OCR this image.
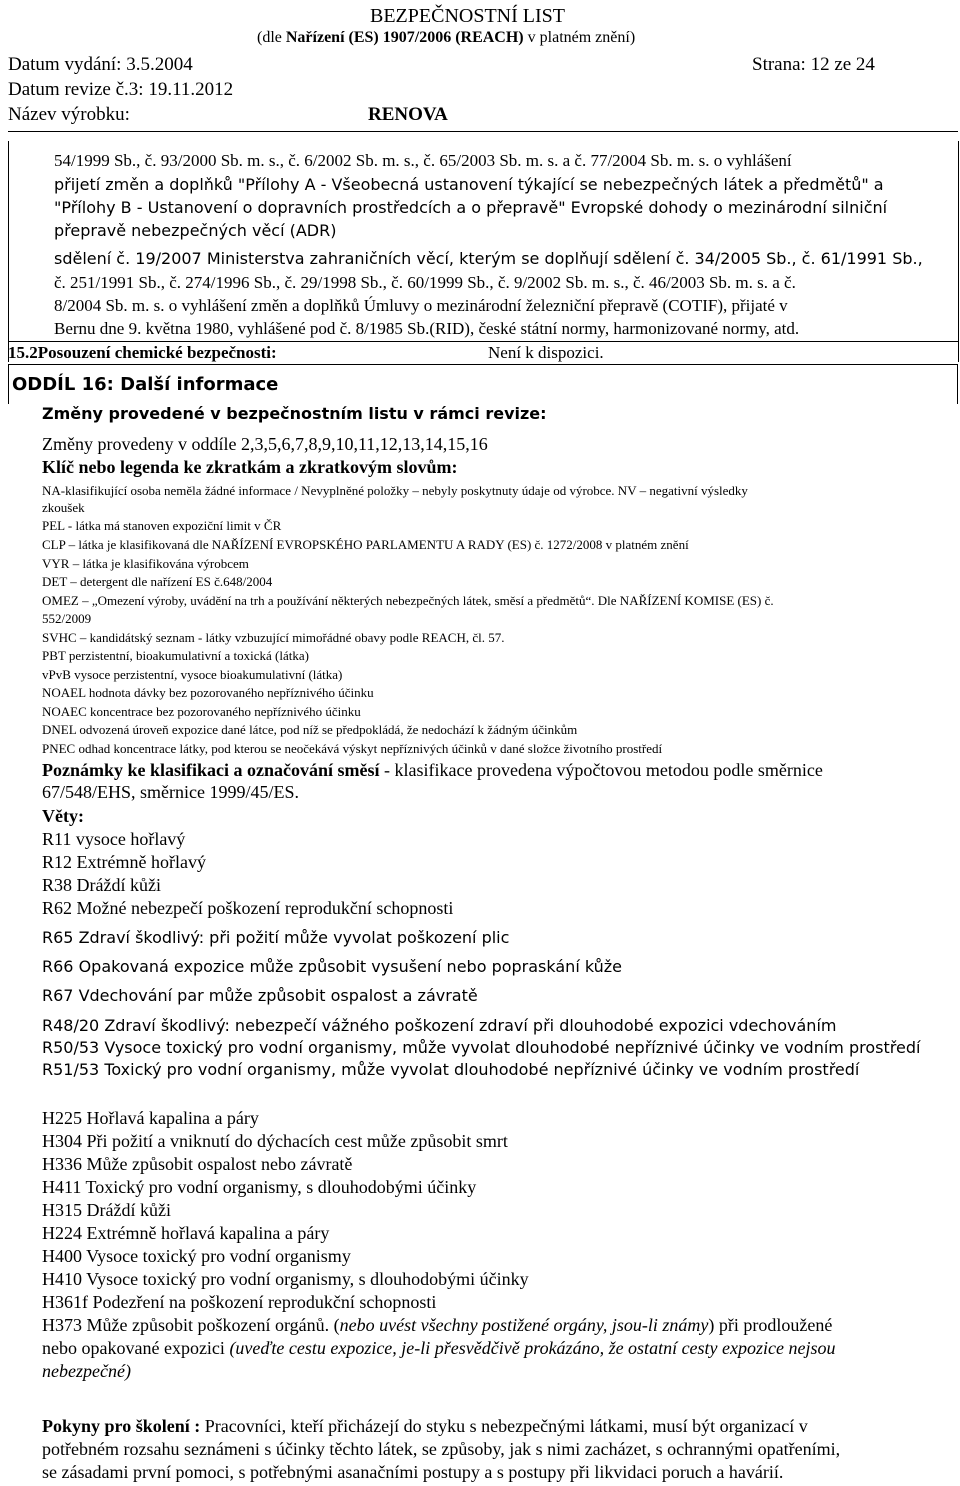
BEZPEČNOSTNÍ LIST
(dle Nařízení (ES) 1907/2006 (REACH) v platném znění)
Datum vydání: 3.5.2004	Strana: 12 ze 24
Datum revize č.3: 19.11.2012
Název výrobku:	RENOVA
54/1999 Sb., č. 93/2000 Sb. m. s., č. 6/2002 Sb. m. s., č. 65/2003 Sb. m. s. a č. 77/2004 Sb. m. s. o vyhlášení
přijetí změn a doplňků "Přílohy A - Všeobecná ustanovení týkající se nebezpečných látek a předmětů" a
"Přílohy B - Ustanovení o dopravních prostředcích a o přepravě" Evropské dohody o mezinárodní silniční
přepravě nebezpečných věcí (ADR)
sdělení č. 19/2007 Ministerstva zahraničních věcí, kterým se doplňují sdělení č. 34/2005 Sb., č. 61/1991 Sb.,
č. 251/1991 Sb., č. 274/1996 Sb., č. 29/1998 Sb., č. 60/1999 Sb., č. 9/2002 Sb. m. s., č. 46/2003 Sb. m. s. a č.
8/2004 Sb. m. s. o vyhlášení změn a doplňků Úmluvy o mezinárodní železniční přepravě (COTIF), přijaté v
Bernu dne 9. května 1980, vyhlášené pod č. 8/1985 Sb.(RID), české státní normy, harmonizované normy, atd.
15.2Posouzení chemické bezpečnosti:	Není k dispozici.
ODDÍL 16: Další informace
Změny provedené v bezpečnostním listu v rámci revize:
Změny provedeny v oddíle 2,3,5,6,7,8,9,10,11,12,13,14,15,16
Klíč nebo legenda ke zkratkám a zkratkovým slovům:
NA-klasifikující osoba neměla žádné informace / Nevyplněné položky – nebyly poskytnuty údaje od výrobce. NV – negativní výsledky
zkoušek
PEL - látka má stanoven expoziční limit v ČR
CLP – látka je klasifikovaná dle NAŘÍZENÍ EVROPSKÉHO PARLAMENTU A RADY (ES) č. 1272/2008 v platném znění
VYR – látka je klasifikována výrobcem
DET – detergent dle nařízení ES č.648/2004
OMEZ – „Omezení výroby, uvádění na trh a používání některých nebezpečných látek, směsí a předmětů“. Dle NAŘÍZENÍ KOMISE (ES) č.
552/2009
SVHC – kandidátský seznam - látky vzbuzující mimořádné obavy podle REACH, čl. 57.
PBT perzistentní, bioakumulativní a toxická (látka)
vPvB vysoce perzistentní, vysoce bioakumulativní (látka)
NOAEL hodnota dávky bez pozorovaného nepříznivého účinku
NOAEC koncentrace bez pozorovaného nepříznivého účinku
DNEL odvozená úroveň expozice dané látce, pod níž se předpokládá, že nedochází k žádným účinkům
PNEC odhad koncentrace látky, pod kterou se neočekává výskyt nepříznivých účinků v dané složce životního prostředí
Poznámky ke klasifikaci a označování směsí - klasifikace provedena výpočtovou metodou podle směrnice
67/548/EHS, směrnice 1999/45/ES.
Věty:
R11 vysoce hořlavý
R12 Extrémně hořlavý
R38 Dráždí kůži
R62 Možné nebezpečí poškození reprodukční schopnosti
R65 Zdraví škodlivý: při požití může vyvolat poškození plic
R66 Opakovaná expozice může způsobit vysušení nebo popraskání kůže
R67 Vdechování par může způsobit ospalost a závratě
R48/20 Zdraví škodlivý: nebezpečí vážného poškození zdraví při dlouhodobé expozici vdechováním
R50/53 Vysoce toxický pro vodní organismy, může vyvolat dlouhodobé nepříznivé účinky ve vodním prostředí
R51/53 Toxický pro vodní organismy, může vyvolat dlouhodobé nepříznivé účinky ve vodním prostředí
H225 Hořlavá kapalina a páry
H304 Při požití a vniknutí do dýchacích cest může způsobit smrt
H336 Může způsobit ospalost nebo závratě
H411 Toxický pro vodní organismy, s dlouhodobými účinky
H315 Dráždí kůži
H224 Extrémně hořlavá kapalina a páry
H400 Vysoce toxický pro vodní organismy
H410 Vysoce toxický pro vodní organismy, s dlouhodobými účinky
H361f Podezření na poškození reprodukční schopnosti
H373 Může způsobit poškození orgánů. (nebo uvést všechny postižené orgány, jsou-li známy) při prodloužené
nebo opakované expozici (uveďte cestu expozice, je-li přesvědčivě prokázáno, že ostatní cesty expozice nejsou
nebezpečné)
Pokyny pro školení : Pracovníci, kteří přicházejí do styku s nebezpečnými látkami, musí být organizací v
potřebném rozsahu seznámeni s účinky těchto látek, se způsoby, jak s nimi zacházet, s ochrannými opatřeními,
se zásadami první pomoci, s potřebnými asanačními postupy a s postupy při likvidaci poruch a havárií.
